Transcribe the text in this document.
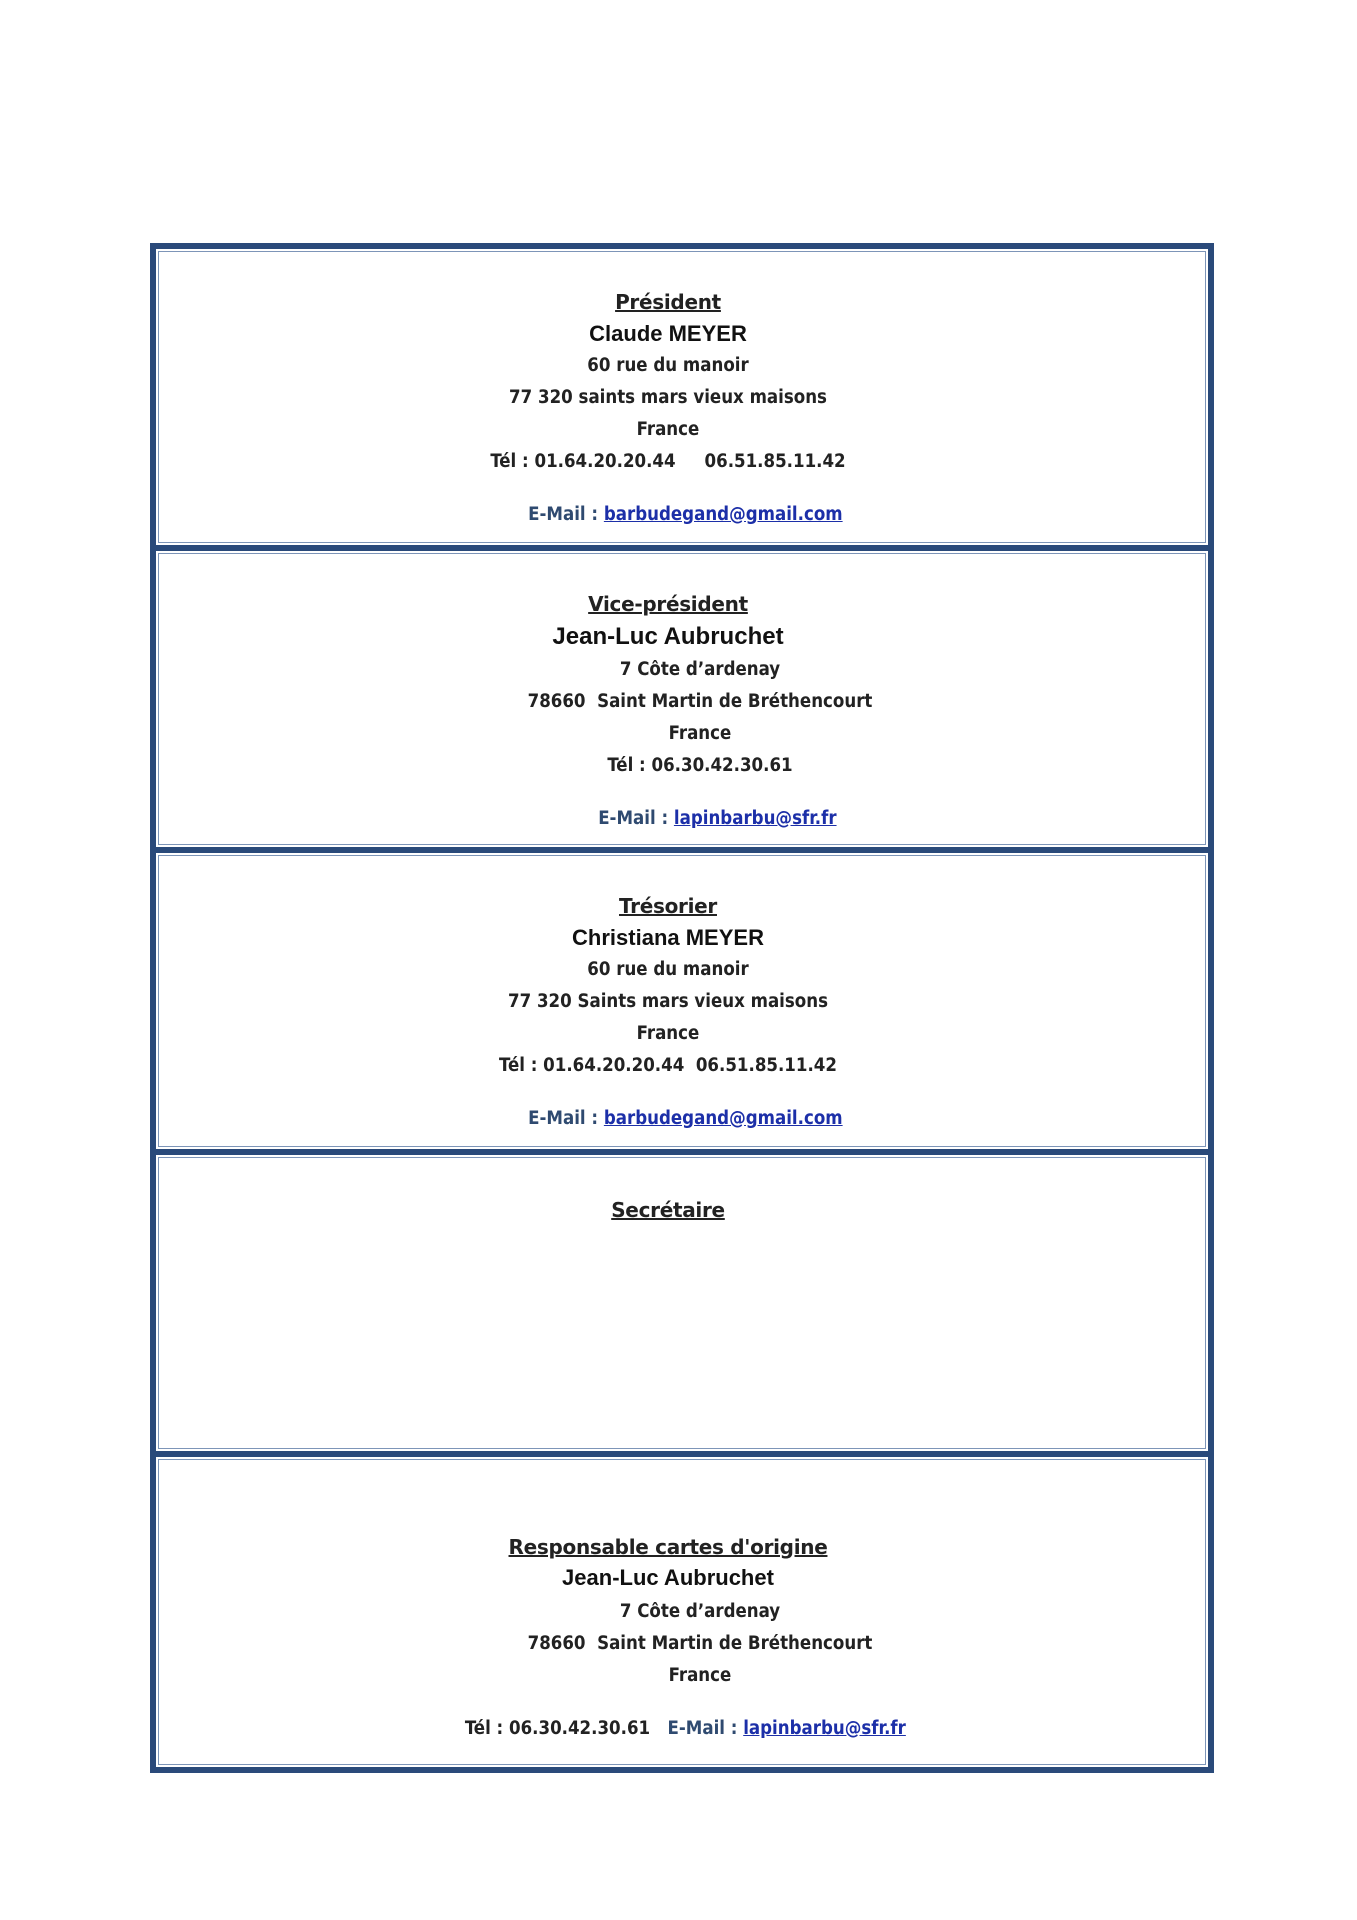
Président
Claude MEYER
60 rue du manoir
77 320 saints mars vieux maisons
France
Tél : 01.64.20.20.44     06.51.85.11.42

E-Mail : barbudegand@gmail.com

Vice-président
Jean-Luc Aubruchet
7 Côte d’ardenay
78660  Saint Martin de Bréthencourt
France
Tél : 06.30.42.30.61

E-Mail : lapinbarbu@sfr.fr

Trésorier
Christiana MEYER
60 rue du manoir
77 320 Saints mars vieux maisons
France
Tél : 01.64.20.20.44  06.51.85.11.42

E-Mail : barbudegand@gmail.com

Secrétaire
Responsable cartes d'origine
Jean-Luc Aubruchet
7 Côte d’ardenay
78660  Saint Martin de Bréthencourt
France

Tél : 06.30.42.30.61   E-Mail : lapinbarbu@sfr.fr
